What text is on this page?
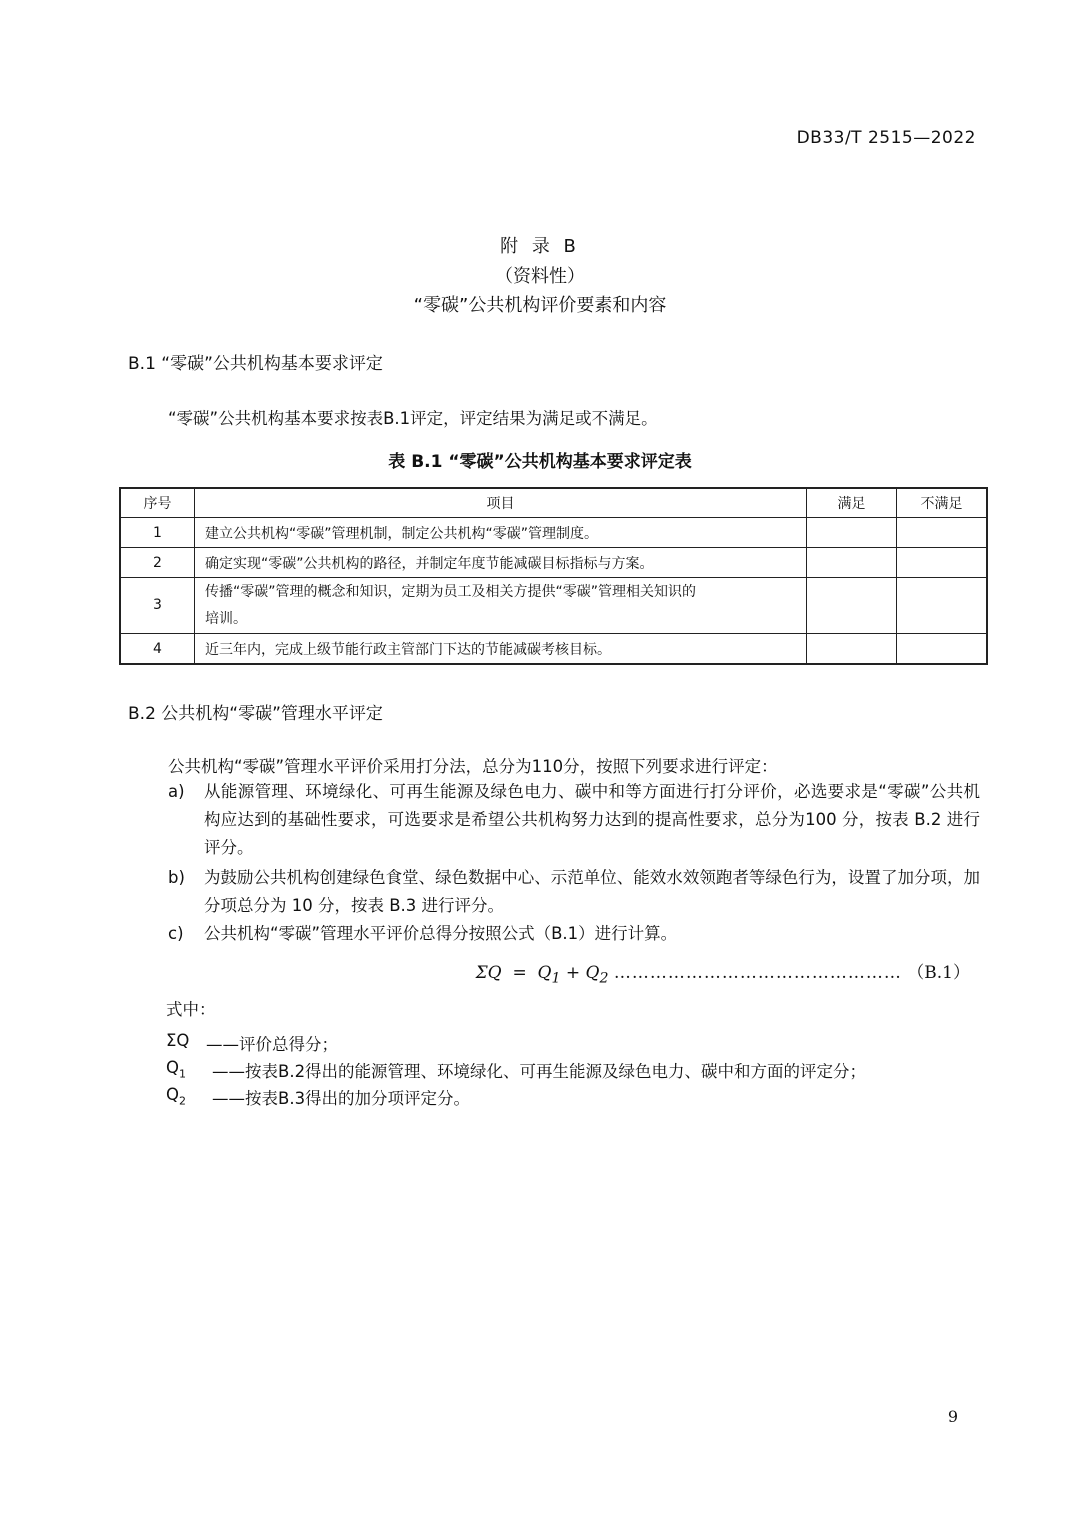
DB33/T 2515—2022
附 录 B
（资料性）
“零碳”公共机构评价要素和内容
B.1 “零碳”公共机构基本要求评定
“零碳”公共机构基本要求按表B.1评定，评定结果为满足或不满足。
表 B.1 “零碳”公共机构基本要求评定表
序号	项目	满足	不满足
1	建立公共机构“零碳”管理机制，制定公共机构“零碳”管理制度。		
2	确定实现“零碳”公共机构的路径，并制定年度节能减碳目标指标与方案。		
3	传播“零碳”管理的概念和知识，定期为员工及相关方提供“零碳”管理相关知识的
培训。		

4	近三年内，完成上级节能行政主管部门下达的节能减碳考核目标。		
B.2 公共机构“零碳”管理水平评定
公共机构“零碳”管理水平评价采用打分法，总分为110分，按照下列要求进行评定：
a) 从能源管理、环境绿化、可再生能源及绿色电力、碳中和等方面进行打分评价，必选要求是“零碳”公共机构应达到的基础性要求，可选要求是希望公共机构努力达到的提高性要求，总分为100 分，按表 B.2 进行评分。
b) 为鼓励公共机构创建绿色食堂、绿色数据中心、示范单位、能效水效领跑者等绿色行为，设置了加分项，加分项总分为 10 分，按表 B.3 进行评分。
c) 公共机构“零碳”管理水平评价总得分按照公式（B.1）进行计算。
$\Sigma Q = Q_1 + Q_2$ ………………………………………… （B.1）
式中：
ΣQ	——评价总得分；
$Q_1$	——按表B.2得出的能源管理、环境绿化、可再生能源及绿色电力、碳中和方面的评定分；
$Q_2$	——按表B.3得出的加分项评定分。
9
